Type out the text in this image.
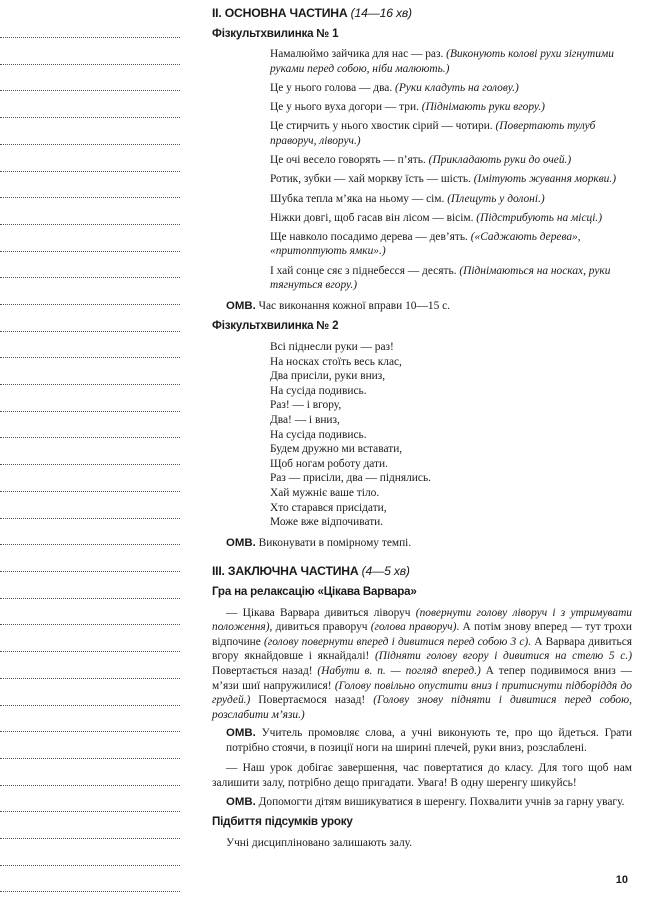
ІІ. ОСНОВНА ЧАСТИНА (14—16 хв)
Фізкультхвилинка № 1
Намалюймо зайчика для нас — раз. (Виконують колові рухи зігнутими руками перед собою, ніби малюють.)
Це у нього голова — два. (Руки кладуть на голову.)
Це у нього вуха догори — три. (Піднімають руки вгору.)
Це стирчить у нього хвостик сірий — чотири. (Повертають тулуб праворуч, ліворуч.)
Це очі весело говорять — п’ять. (Прикладають руки до очей.)
Ротик, зубки — хай моркву їсть — шість. (Імітують жування моркви.)
Шубка тепла м’яка на ньому — сім. (Плещуть у долоні.)
Ніжки довгі, щоб гасав він лісом — вісім. (Підстрибують на місці.)
Ще навколо посадимо дерева — дев’ять. («Саджають дерева», «притоптують ямки».)
І хай сонце сяє з піднебесся — десять. (Піднімаються на носках, руки тягнуться вгору.)
ОМВ. Час виконання кожної вправи 10—15 с.
Фізкультхвилинка № 2
Всі піднесли руки — раз!
На носках стоїть весь клас,
Два присіли, руки вниз,
На сусіда подивись.
Раз! — і вгору,
Два! — і вниз,
На сусіда подивись.
Будем дружно ми вставати,
Щоб ногам роботу дати.
Раз — присіли, два — піднялись.
Хай мужніє ваше тіло.
Хто старався присідати,
Може вже відпочивати.
ОМВ. Виконувати в помірному темпі.
ІІІ. ЗАКЛЮЧНА ЧАСТИНА (4—5 хв)
Гра на релаксацію «Цікава Варвара»

— Цікава Варвара дивиться ліворуч (повернути голову ліворуч і з утримувати положення), дивиться праворуч (голова праворуч). А потім знову вперед — тут трохи відпочине (голову повернути вперед і дивитися перед собою 3 с). А Варвара дивиться вгору якнайдовше і якнайдалі! (Підняти голову вгору і дивитися на стелю 5 с.) Повертається назад! (Набути в. п. — погляд вперед.) А тепер подивимося вниз — м’язи шиї напружилися! (Голову повільно опустити вниз і притиснути підборіддя до грудей.) Повертаємося назад! (Голову знову підняти і дивитися перед собою, розслабити м’язи.)

ОМВ. Учитель промовляє слова, а учні виконують те, про що йдеться. Грати потрібно стоячи, в позиції ноги на ширині плечей, руки вниз, розслаблені.

— Наш урок добігає завершення, час повертатися до класу. Для того щоб нам залишити залу, потрібно дещо пригадати. Увага! В одну шеренгу шикуйсь!

ОМВ. Допомогти дітям вишикуватися в шеренгу. Похвалити учнів за гарну увагу.
Підбиття підсумків уроку
Учні дисципліновано залишають залу.
10
